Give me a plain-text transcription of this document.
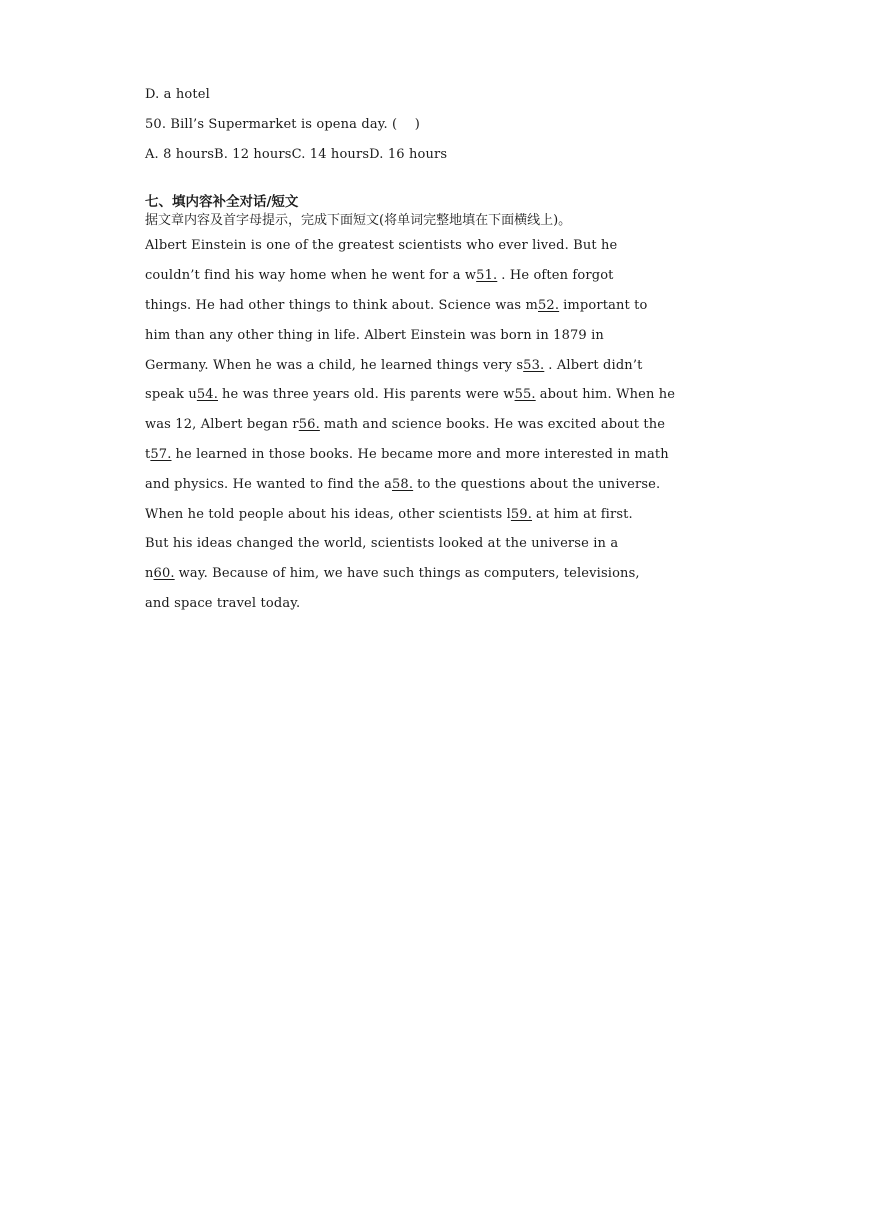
D. a hotel
50. Bill’s Supermarket is opena day. (　 )
A. 8 hoursB. 12 hoursC. 14 hoursD. 16 hours
七、填内容补全对话/短文
据文章内容及首字母提示，完成下面短文(将单词完整地填在下面横线上)。
Albert Einstein is one of the greatest scientists who ever lived. But he
couldn’t find his way home when he went for a w51. . He often forgot
things. He had other things to think about. Science was m52. important to
him than any other thing in life. Albert Einstein was born in 1879 in
Germany. When he was a child, he learned things very s53. . Albert didn’t
speak u54. he was three years old. His parents were w55. about him. When he
was 12, Albert began r56. math and science books. He was excited about the
t57. he learned in those books. He became more and more interested in math
and physics. He wanted to find the a58. to the questions about the universe.
When he told people about his ideas, other scientists l59. at him at first.
But his ideas changed the world, scientists looked at the universe in a
n60. way. Because of him, we have such things as computers, televisions,
and space travel today.
